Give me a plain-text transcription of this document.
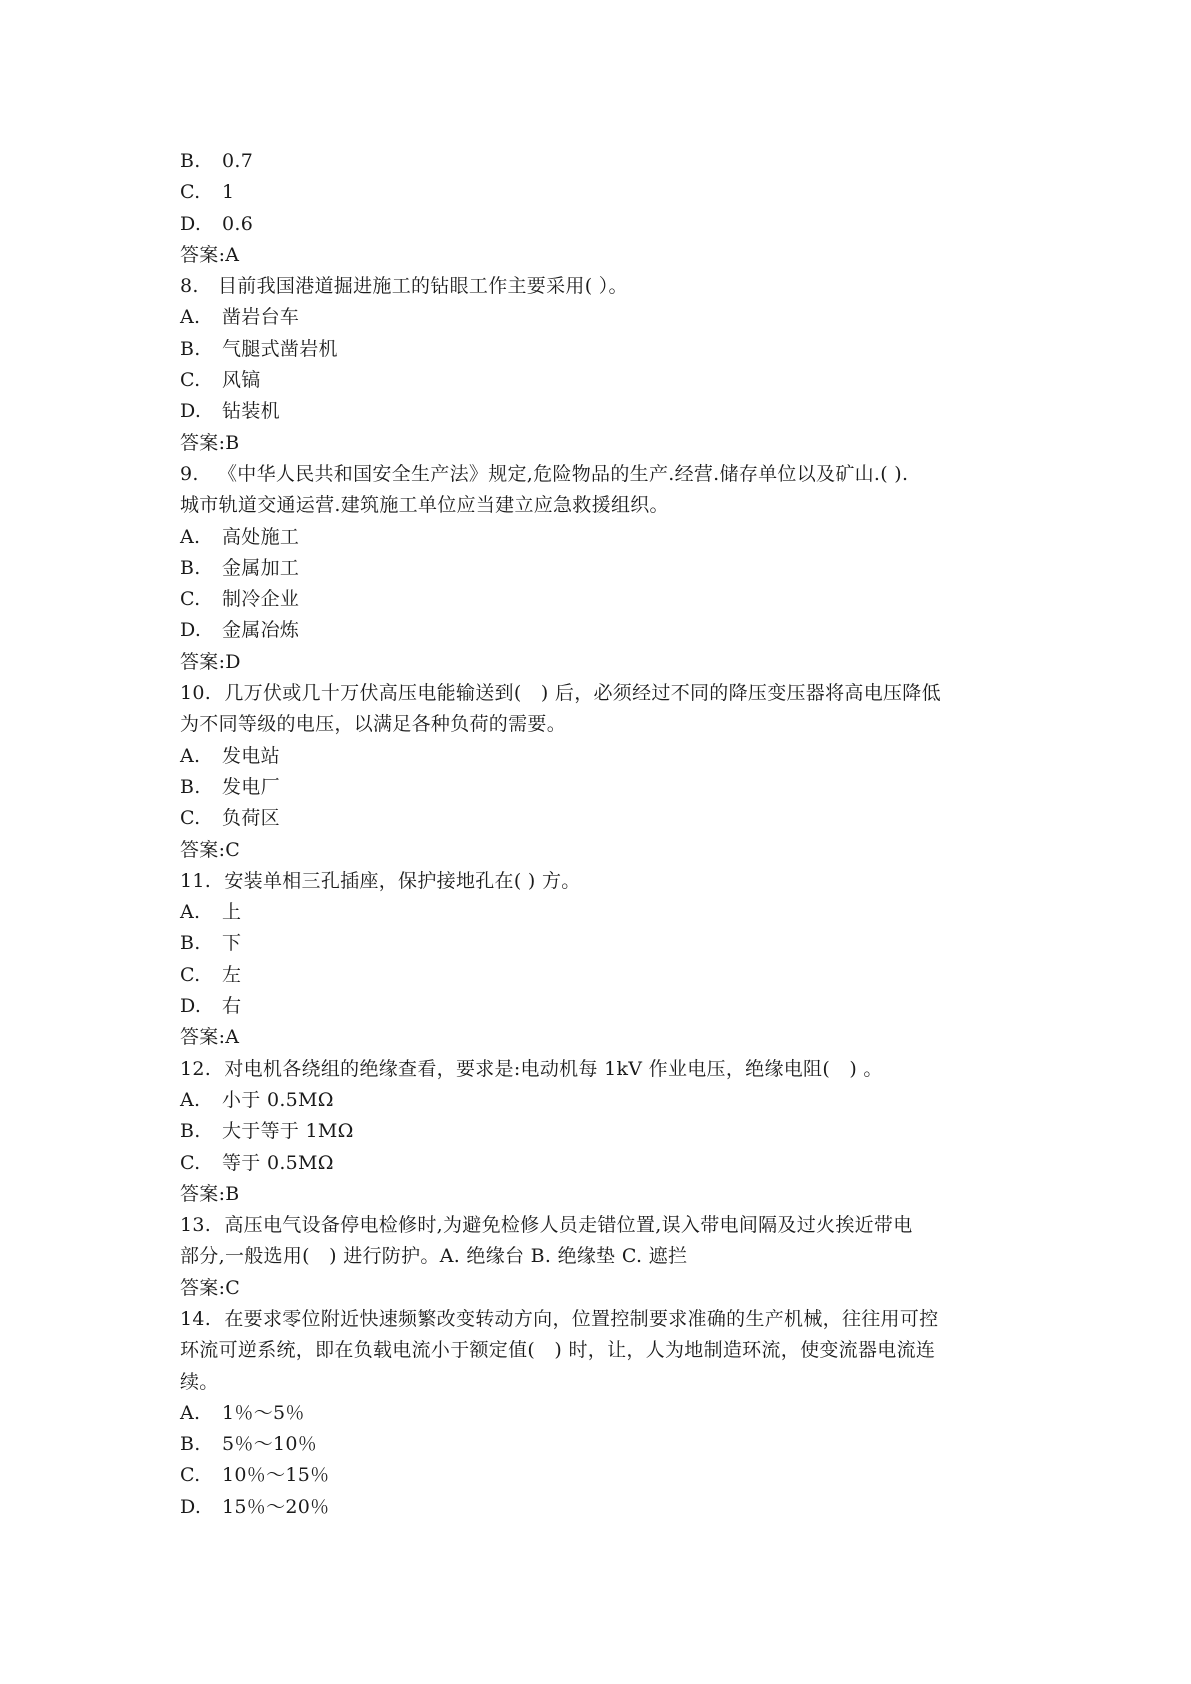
B. 0.7
C. 1
D. 0.6
答案:A
8. 目前我国港道掘进施工的钻眼工作主要采用( ）。
A. 凿岩台车
B. 气腿式凿岩机
C. 风镐
D. 钻装机
答案:B
9. 《中华人民共和国安全生产法》规定,危险物品的生产.经营.储存单位以及矿山.( ).
城市轨道交通运营.建筑施工单位应当建立应急救援组织。
A. 高处施工
B. 金属加工
C. 制冷企业
D. 金属冶炼
答案:D
10. 几万伏或几十万伏高压电能输送到(　) 后，必须经过不同的降压变压器将高电压降低
为不同等级的电压，以满足各种负荷的需要。
A. 发电站
B. 发电厂
C. 负荷区
答案:C
11. 安装单相三孔插座，保护接地孔在( ) 方。
A. 上
B. 下
C. 左
D. 右
答案:A
12. 对电机各绕组的绝缘查看，要求是:电动机每 1kV 作业电压，绝缘电阻(　) 。
A. 小于 0.5MΩ
B. 大于等于 1MΩ
C. 等于 0.5MΩ
答案:B
13. 高压电气设备停电检修时,为避免检修人员走错位置,误入带电间隔及过火挨近带电
部分,一般选用(　) 进行防护。A. 绝缘台 B. 绝缘垫 C. 遮拦
答案:C
14. 在要求零位附近快速频繁改变转动方向，位置控制要求准确的生产机械，往往用可控
环流可逆系统，即在负载电流小于额定值(　) 时，让，人为地制造环流，使变流器电流连
续。
A. 1％～5％
B. 5％～10％
C. 10％～15％
D. 15％～20％
